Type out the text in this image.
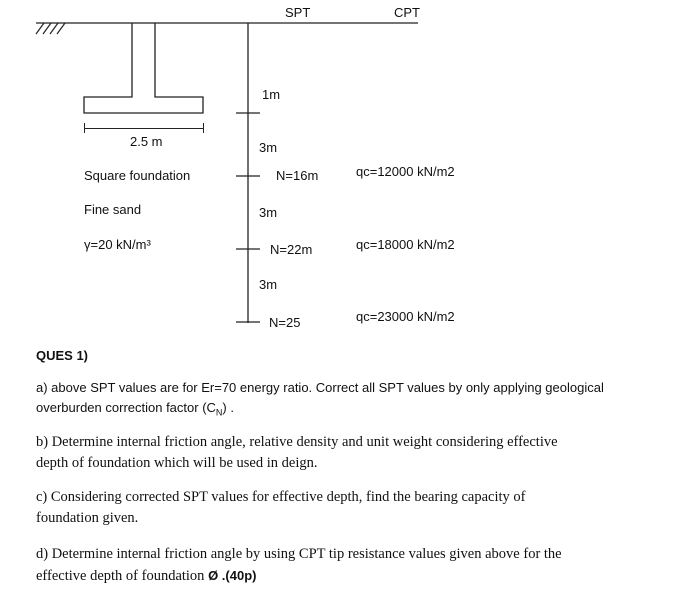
SPT	CPT
2.5 m
Square foundation
Fine sand
γ=20 kN/m³
1m
3m
3m
3m
N=16m
N=22m
N=25
qc=12000 kN/m2
qc=18000 kN/m2
qc=23000 kN/m2
QUES 1)
a) above SPT values are for Er=70 energy ratio. Correct all SPT values by only applying geological
overburden correction factor $(C_N)$ .
b) Determine internal friction angle, relative density and unit weight considering effective
depth of foundation which will be used in deign.
c) Considering corrected SPT values for effective depth, find the bearing capacity of
foundation given.
d) Determine internal friction angle by using CPT tip resistance values given above for the
effective depth of foundation Ø .(40p)
